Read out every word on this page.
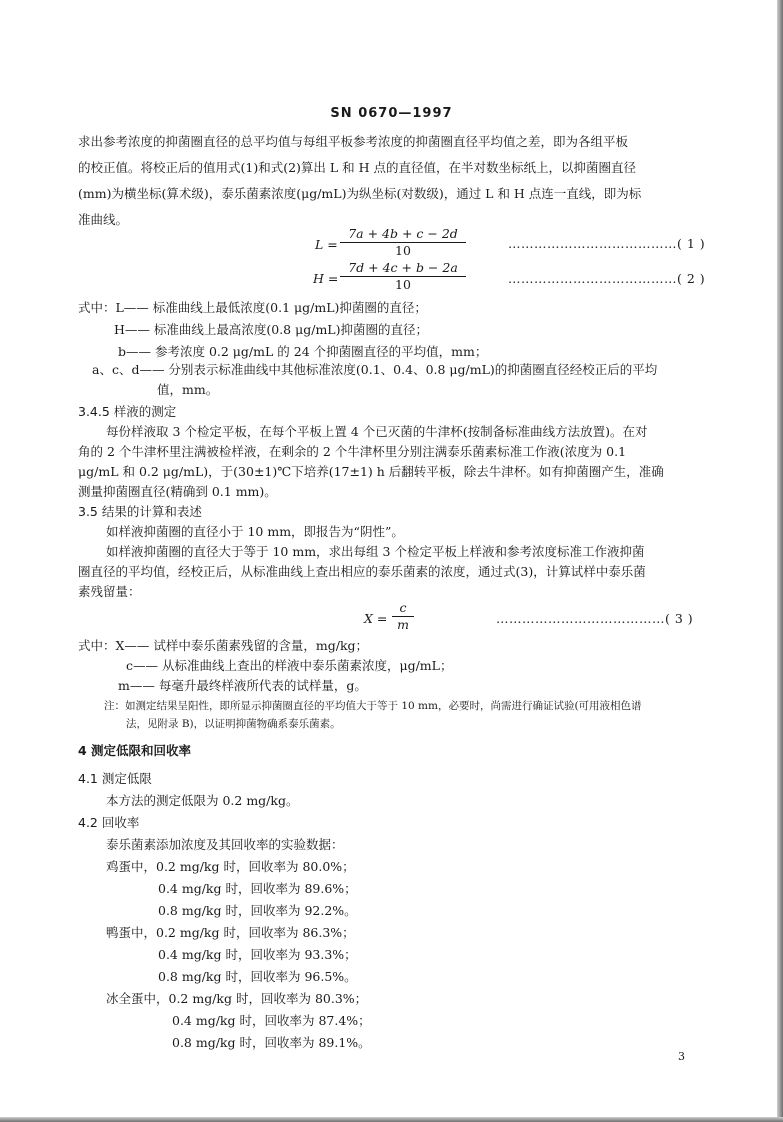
SN 0670—1997
求出参考浓度的抑菌圈直径的总平均值与每组平板参考浓度的抑菌圈直径平均值之差，即为各组平板
的校正值。将校正后的值用式(1)和式(2)算出 L 和 H 点的直径值，在半对数坐标纸上，以抑菌圈直径
(mm)为横坐标(算术级)，泰乐菌素浓度(μg/mL)为纵坐标(对数级)，通过 L 和 H 点连一直线，即为标
准曲线。
$L = \frac{7a + 4b + c - 2d}{10}$	…………………………………( 1 )
$H = \frac{7d + 4c + b - 2a}{10}$	…………………………………( 2 )
式中：L—— 标准曲线上最低浓度(0.1 μg/mL)抑菌圈的直径；
H—— 标准曲线上最高浓度(0.8 μg/mL)抑菌圈的直径；
b—— 参考浓度 0.2 μg/mL 的 24 个抑菌圈直径的平均值，mm；
a、c、d—— 分别表示标准曲线中其他标准浓度(0.1、0.4、0.8 μg/mL)的抑菌圈直径经校正后的平均
值，mm。
3.4.5 样液的测定
每份样液取 3 个检定平板，在每个平板上置 4 个已灭菌的牛津杯(按制备标准曲线方法放置)。在对
角的 2 个牛津杯里注满被检样液，在剩余的 2 个牛津杯里分别注满泰乐菌素标准工作液(浓度为 0.1
μg/mL 和 0.2 μg/mL)，于(30±1)℃下培养(17±1) h 后翻转平板，除去牛津杯。如有抑菌圈产生，准确
测量抑菌圈直径(精确到 0.1 mm)。
3.5 结果的计算和表述
如样液抑菌圈的直径小于 10 mm，即报告为“阴性”。
如样液抑菌圈的直径大于等于 10 mm，求出每组 3 个检定平板上样液和参考浓度标准工作液抑菌
圈直径的平均值，经校正后，从标准曲线上查出相应的泰乐菌素的浓度，通过式(3)，计算试样中泰乐菌
素残留量：
$X = \frac{c}{m}$	…………………………………( 3 )
式中：X—— 试样中泰乐菌素残留的含量，mg/kg；
c—— 从标准曲线上查出的样液中泰乐菌素浓度，μg/mL；
m—— 每毫升最终样液所代表的试样量，g。
注：如测定结果呈阳性，即所显示抑菌圈直径的平均值大于等于 10 mm，必要时，尚需进行确证试验(可用液相色谱
法，见附录 B)，以证明抑菌物确系泰乐菌素。
4 测定低限和回收率
4.1 测定低限
本方法的测定低限为 0.2 mg/kg。
4.2 回收率
泰乐菌素添加浓度及其回收率的实验数据：
鸡蛋中，0.2 mg/kg 时，回收率为 80.0%；
0.4 mg/kg 时，回收率为 89.6%；
0.8 mg/kg 时，回收率为 92.2%。
鸭蛋中，0.2 mg/kg 时，回收率为 86.3%；
0.4 mg/kg 时，回收率为 93.3%；
0.8 mg/kg 时，回收率为 96.5%。
冰全蛋中，0.2 mg/kg 时，回收率为 80.3%；
0.4 mg/kg 时，回收率为 87.4%；
0.8 mg/kg 时，回收率为 89.1%。
3
